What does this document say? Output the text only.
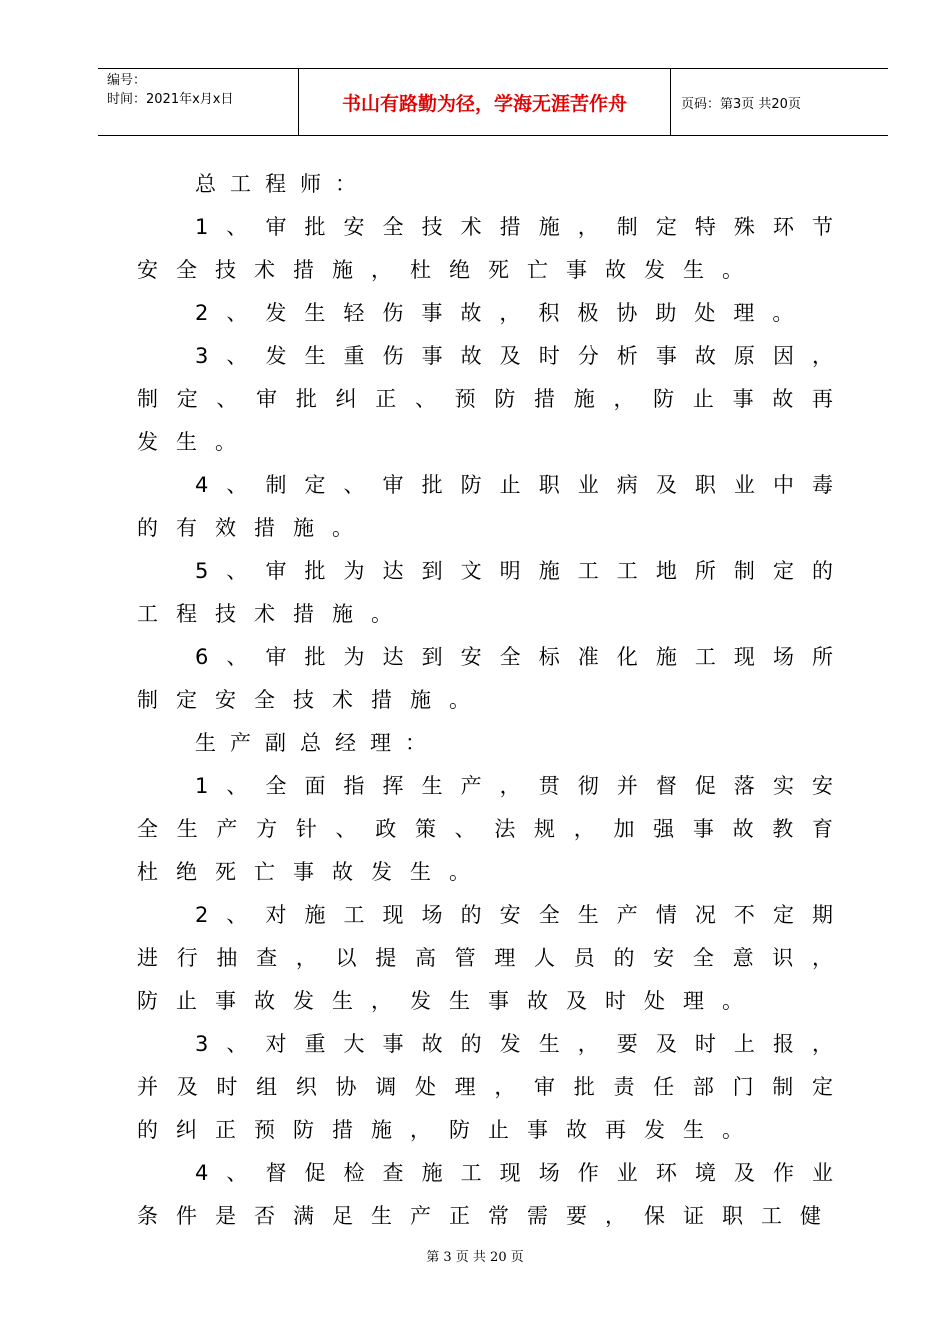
编号：
时间：2021年x月x日	书山有路勤为径，学海无涯苦作舟	页码：第3页 共20页
总工程师：
1、审批安全技术措施，制定特殊环节
安全技术措施，杜绝死亡事故发生。
2、发生轻伤事故，积极协助处理。
3、发生重伤事故及时分析事故原因，
制定、审批纠正、预防措施，防止事故再
发生。
4、制定、审批防止职业病及职业中毒
的有效措施。
5、审批为达到文明施工工地所制定的
工程技术措施。
6、审批为达到安全标准化施工现场所
制定安全技术措施。
生产副总经理：
1、全面指挥生产，贯彻并督促落实安
全生产方针、政策、法规，加强事故教育
杜绝死亡事故发生。
2、对施工现场的安全生产情况不定期
进行抽查，以提高管理人员的安全意识，
防止事故发生，发生事故及时处理。
3、对重大事故的发生，要及时上报，
并及时组织协调处理，审批责任部门制定
的纠正预防措施，防止事故再发生。
4、督促检查施工现场作业环境及作业
条件是否满足生产正常需要，保证职工健
第 3 页 共 20 页
